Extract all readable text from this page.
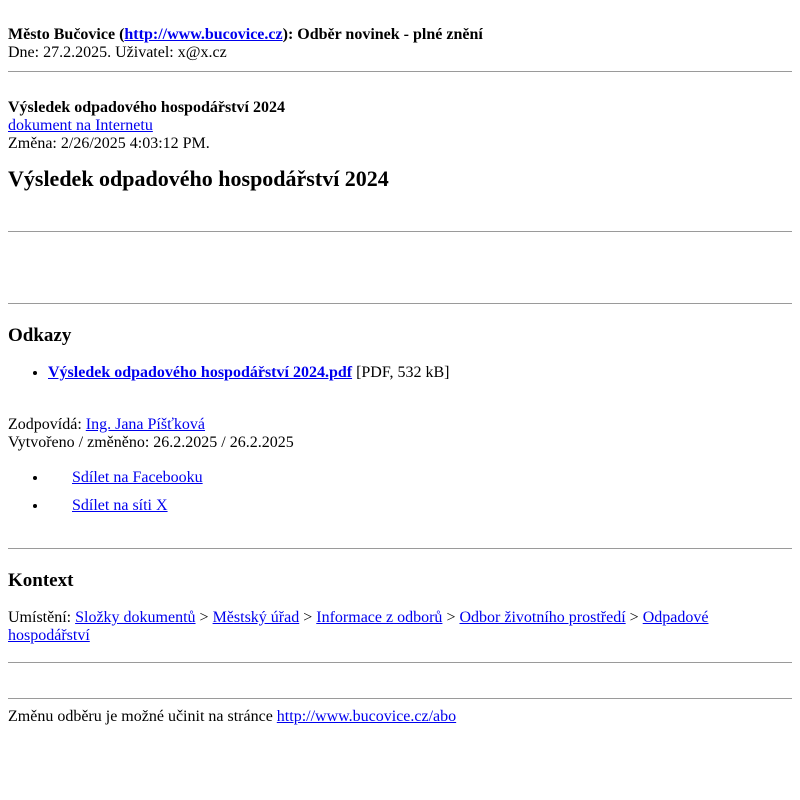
Město Bučovice (http://www.bucovice.cz): Odběr novinek - plné znění
Dne: 27.2.2025. Uživatel: x@x.cz
Výsledek odpadového hospodářství 2024
dokument na Internetu
Změna: 2/26/2025 4:03:12 PM.
Výsledek odpadového hospodářství 2024
Odkazy
• Výsledek odpadového hospodářství 2024.pdf [PDF, 532 kB]
Zodpovídá: Ing. Jana Píšťková
Vytvořeno / změněno: 26.2.2025 / 26.2.2025
• Sdílet na Facebooku
• Sdílet na síti X
Kontext
Umístění: Složky dokumentů > Městský úřad > Informace z odborů > Odbor životního prostředí > Odpadové hospodářství
Změnu odběru je možné učinit na stránce http://www.bucovice.cz/abo
